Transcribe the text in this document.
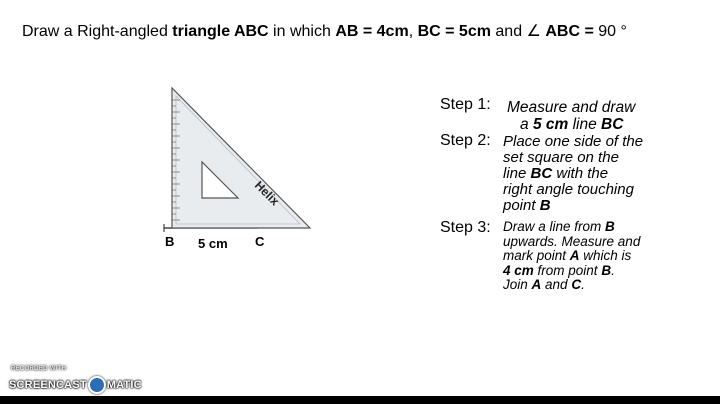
Draw a Right-angled triangle ABC in which AB = 4cm, BC = 5cm and ∠ ABC = 90 °
Helix
B	C
5 cm
Step 1: Measure and draw
a 5 cm line BC
Step 2: Place one side of the
set square on the
line BC with the
right angle touching
point B
Step 3: Draw a line from B
upwards. Measure and
mark point A which is
4 cm from point B.
Join A and C.
RECORDED WITH
SCREENCAST MATIC
